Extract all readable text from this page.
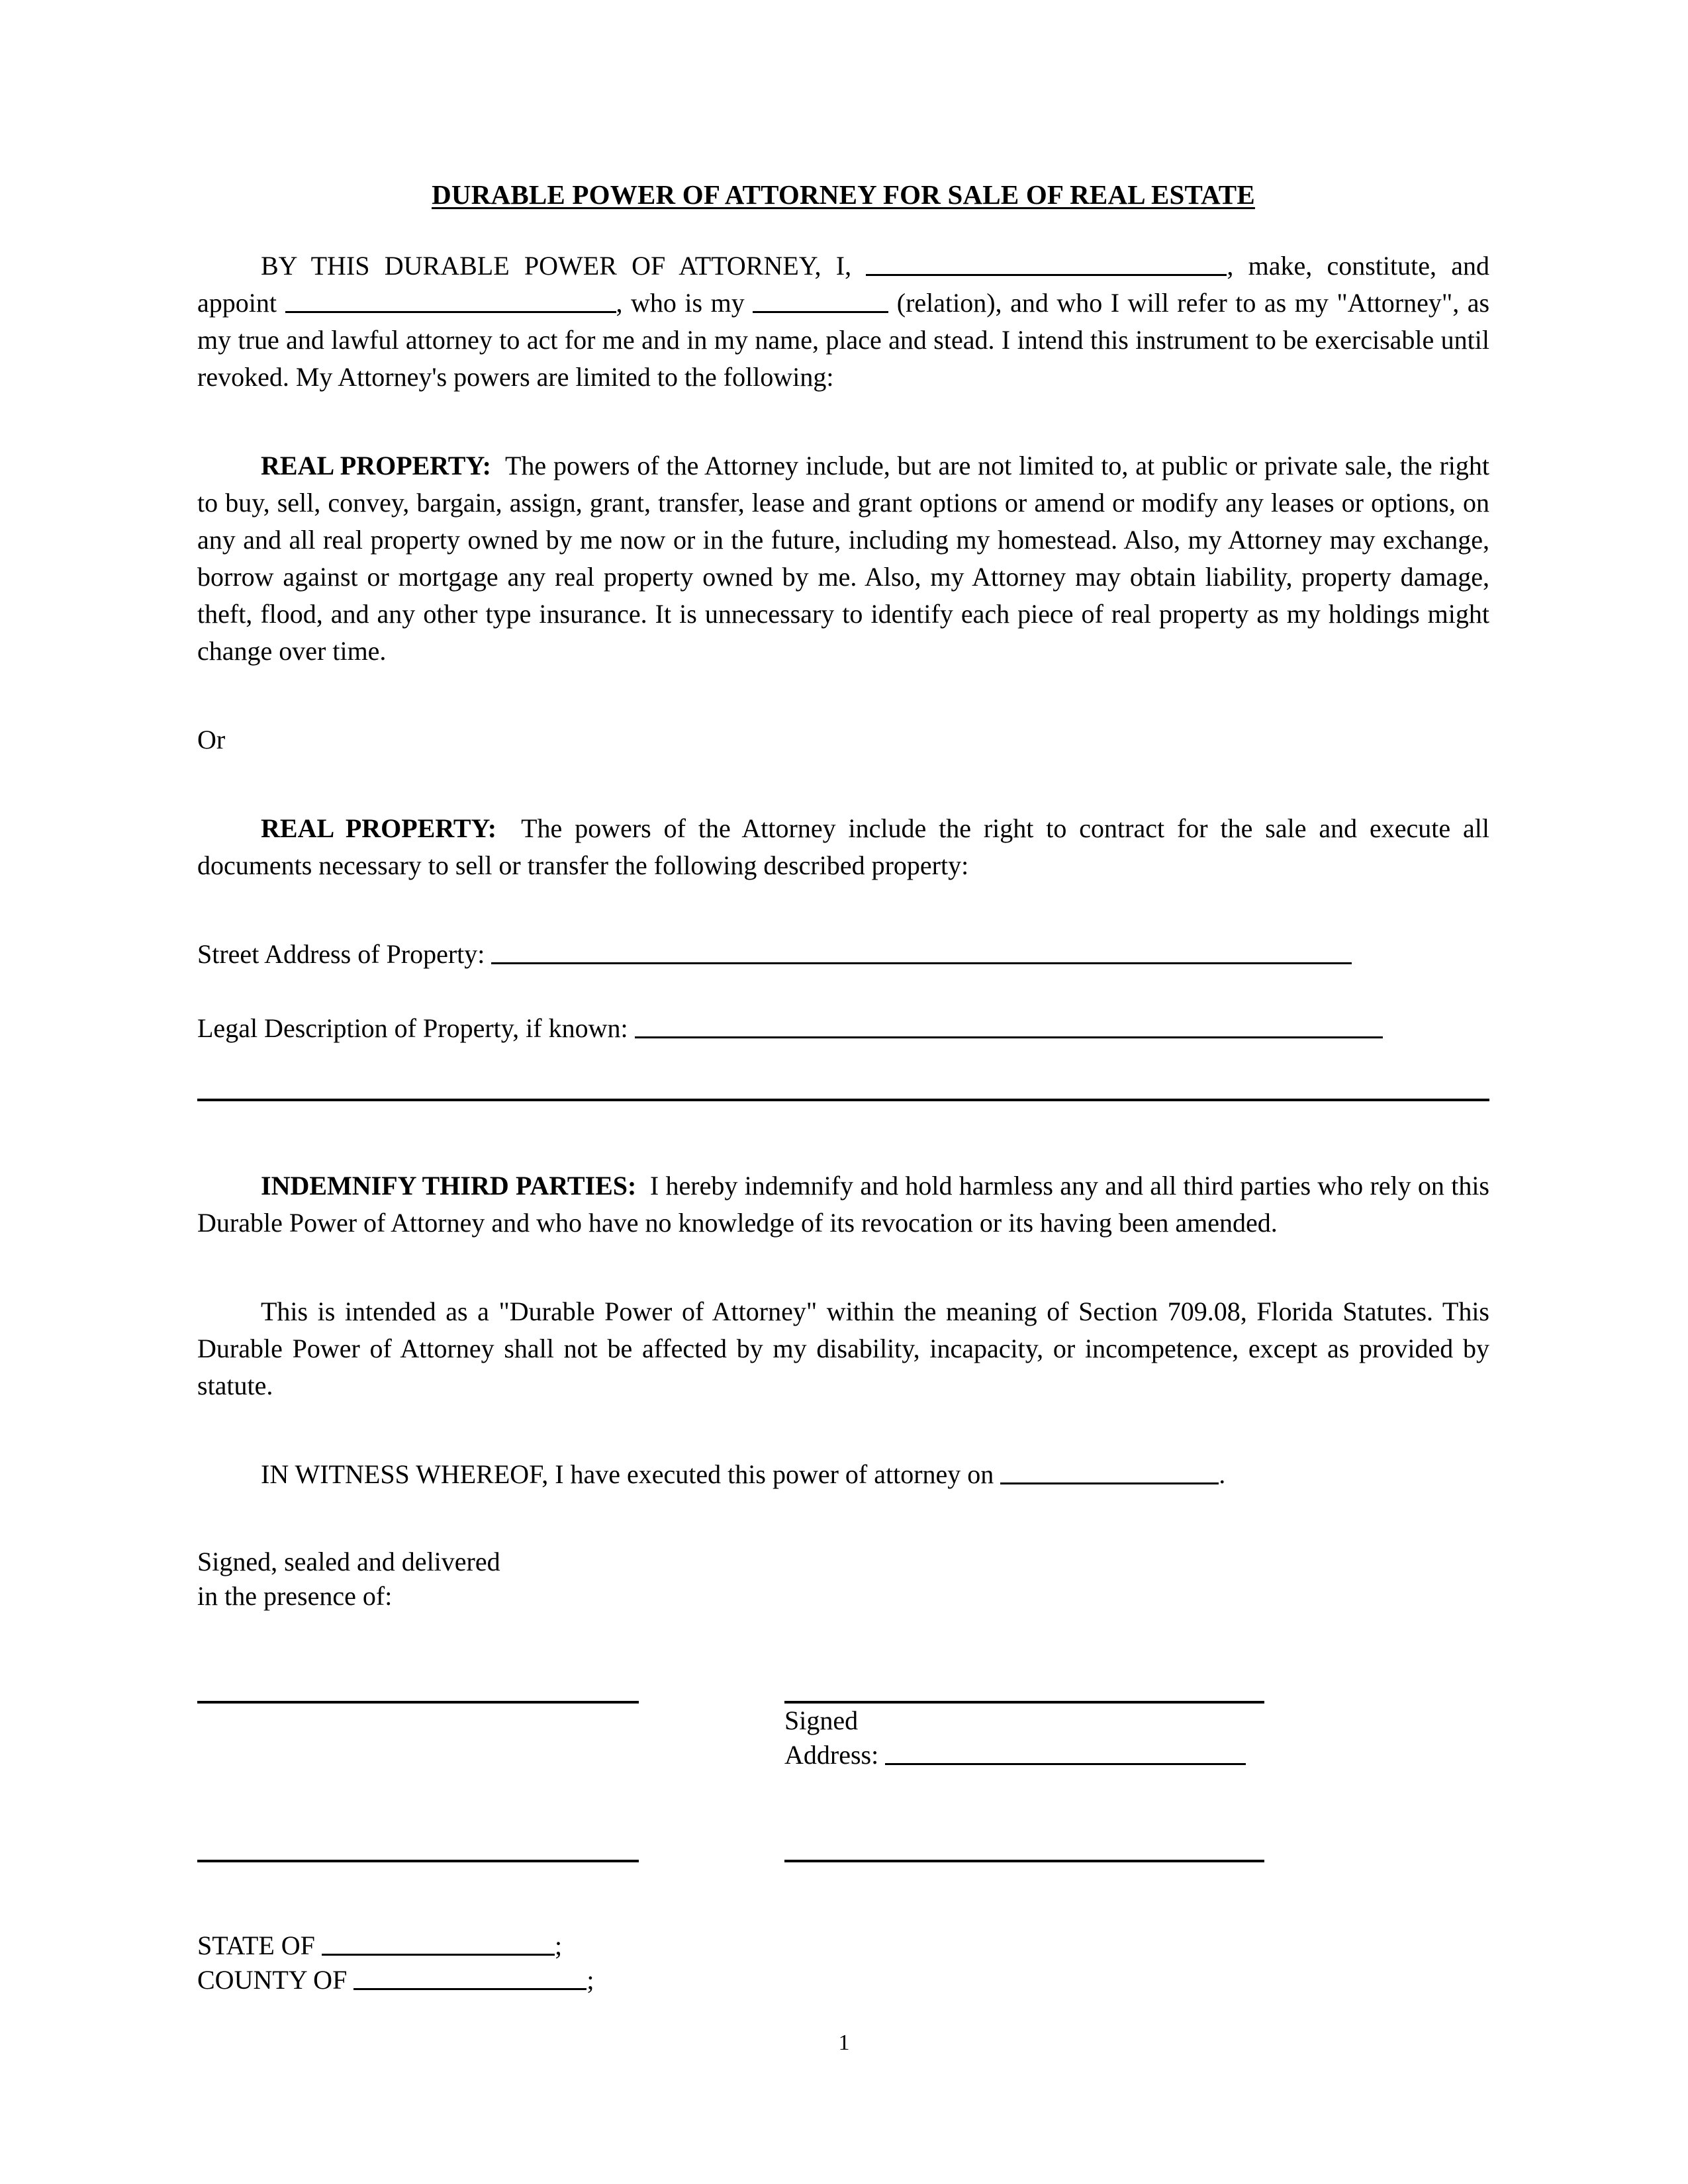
DURABLE POWER OF ATTORNEY FOR SALE OF REAL ESTATE

BY THIS DURABLE POWER OF ATTORNEY, I,	, make, constitute, and appoint	, who is my	(relation), and who I will refer to as my "Attorney", as my true and lawful attorney to act for me and in my name, place and stead. I intend this instrument to be exercisable until revoked. My Attorney's powers are limited to the following:

REAL PROPERTY: The powers of the Attorney include, but are not limited to, at public or private sale, the right to buy, sell, convey, bargain, assign, grant, transfer, lease and grant options or amend or modify any leases or options, on any and all real property owned by me now or in the future, including my homestead. Also, my Attorney may exchange, borrow against or mortgage any real property owned by me. Also, my Attorney may obtain liability, property damage, theft, flood, and any other type insurance. It is unnecessary to identify each piece of real property as my holdings might change over time.

Or

REAL PROPERTY: The powers of the Attorney include the right to contract for the sale and execute all documents necessary to sell or transfer the following described property:

Street Address of Property:

Legal Description of Property, if known:

INDEMNIFY THIRD PARTIES: I hereby indemnify and hold harmless any and all third parties who rely on this Durable Power of Attorney and who have no knowledge of its revocation or its having been amended.

This is intended as a "Durable Power of Attorney" within the meaning of Section 709.08, Florida Statutes. This Durable Power of Attorney shall not be affected by my disability, incapacity, or incompetence, except as provided by statute.

IN WITNESS WHEREOF, I have executed this power of attorney on	.

Signed, sealed and delivered

in the presence of:

Signed

Address:

STATE OF	;

COUNTY OF	;

1
